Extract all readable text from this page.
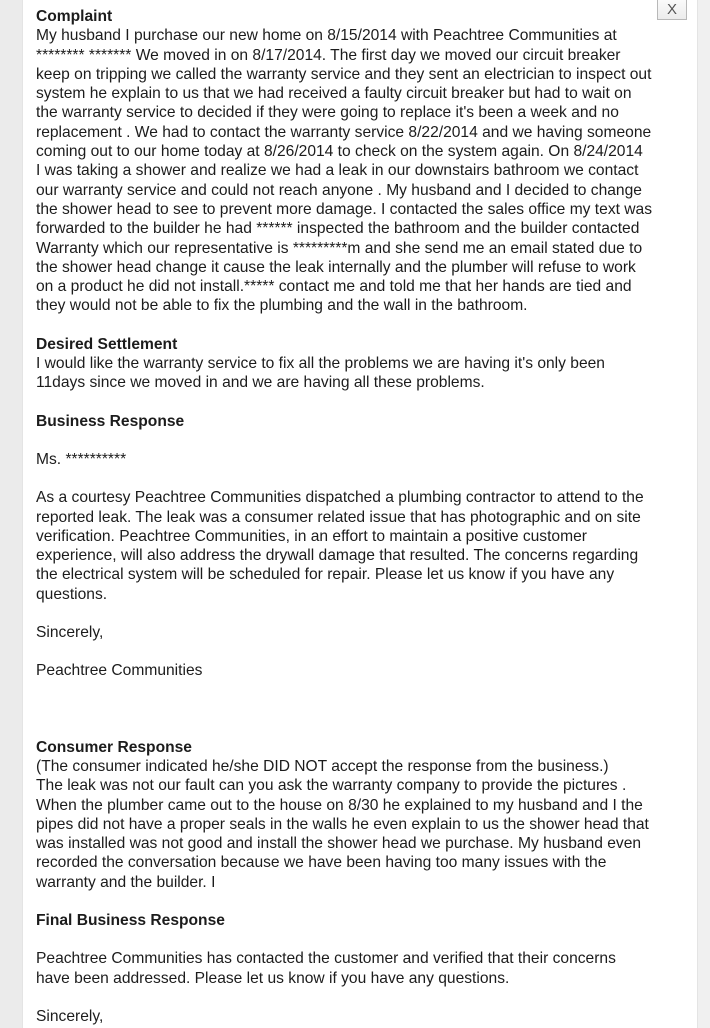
X
Complaint

My husband I purchase our new home on 8/15/2014 with Peachtree Communities at
******** ******* We moved in on 8/17/2014. The first day we moved our circuit breaker
keep on tripping we called the warranty service and they sent an electrician to inspect out
system he explain to us that we had received a faulty circuit breaker but had to wait on
the warranty service to decided if they were going to replace it's been a week and no
replacement . We had to contact the warranty service 8/22/2014 and we having someone
coming out to our home today at 8/26/2014 to check on the system again. On 8/24/2014
I was taking a shower and realize we had a leak in our downstairs bathroom we contact
our warranty service and could not reach anyone . My husband and I decided to change
the shower head to see to prevent more damage. I contacted the sales office my text was
forwarded to the builder he had ****** inspected the bathroom and the builder contacted
Warranty which our representative is *********m and she send me an email stated due to
the shower head change it cause the leak internally and the plumber will refuse to work
on a product he did not install.***** contact me and told me that her hands are tied and
they would not be able to fix the plumbing and the wall in the bathroom.

Desired Settlement

I would like the warranty service to fix all the problems we are having it's only been
11days since we moved in and we are having all these problems.

Business Response

Ms. **********

As a courtesy Peachtree Communities dispatched a plumbing contractor to attend to the
reported leak. The leak was a consumer related issue that has photographic and on site
verification. Peachtree Communities, in an effort to maintain a positive customer
experience, will also address the drywall damage that resulted. The concerns regarding
the electrical system will be scheduled for repair. Please let us know if you have any
questions.

Sincerely,

Peachtree Communities

Consumer Response

(The consumer indicated he/she DID NOT accept the response from the business.)
The leak was not our fault can you ask the warranty company to provide the pictures .
When the plumber came out to the house on 8/30 he explained to my husband and I the
pipes did not have a proper seals in the walls he even explain to us the shower head that
was installed was not good and install the shower head we purchase. My husband even
recorded the conversation because we have been having too many issues with the
warranty and the builder. I

Final Business Response

Peachtree Communities has contacted the customer and verified that their concerns
have been addressed. Please let us know if you have any questions.

Sincerely,
